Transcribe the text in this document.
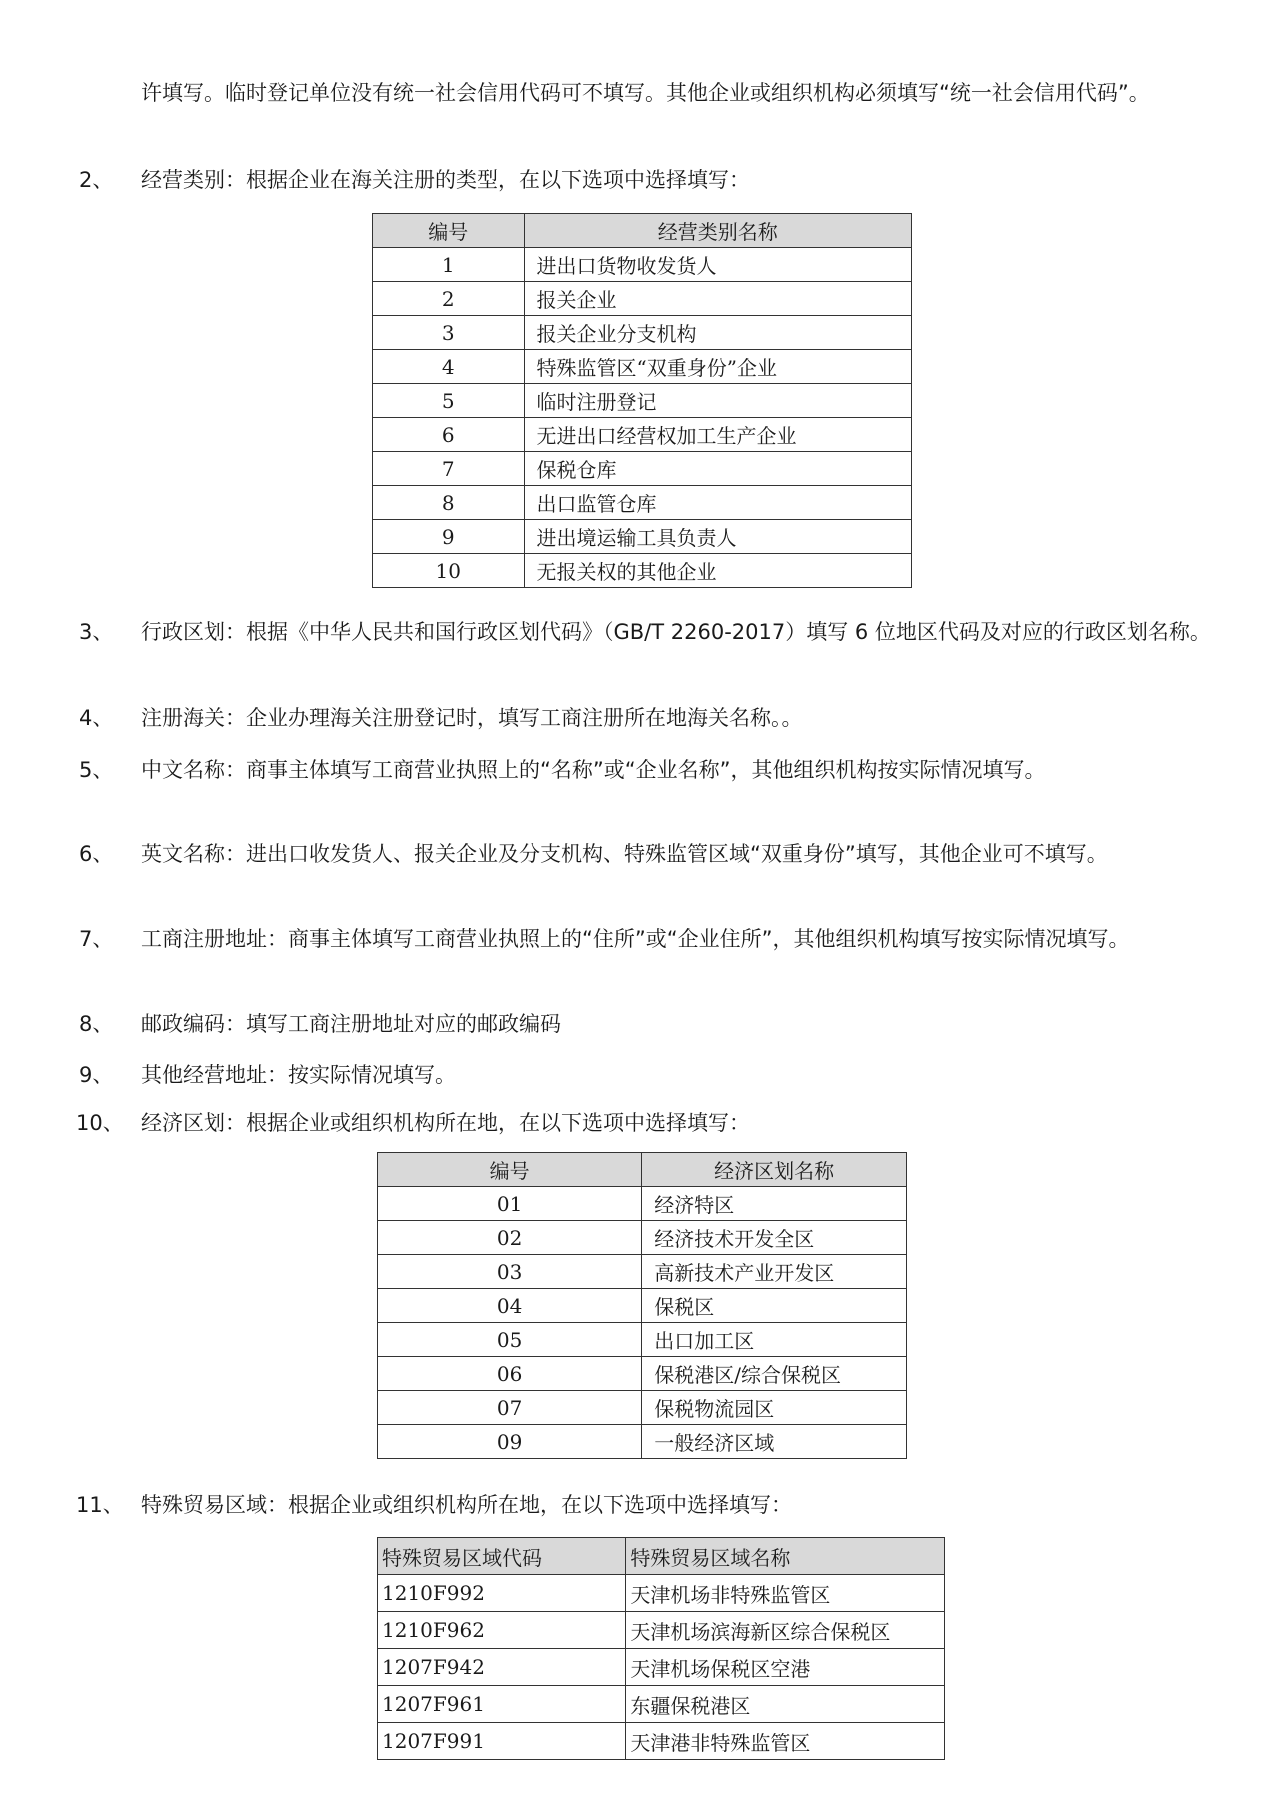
许填写。临时登记单位没有统一社会信用代码可不填写。其他企业或组织机构必须填写“统一社会信用代码”。

2、 经营类别：根据企业在海关注册的类型，在以下选项中选择填写：

编号	经营类别名称
1	进出口货物收发货人
2	报关企业
3	报关企业分支机构
4	特殊监管区“双重身份”企业
5	临时注册登记
6	无进出口经营权加工生产企业
7	保税仓库
8	出口监管仓库
9	进出境运输工具负责人
10	无报关权的其他企业
3、 行政区划：根据《中华人民共和国行政区划代码》（GB/T 2260-2017）填写 6 位地区代码及对应的行政区划名称。

4、 注册海关：企业办理海关注册登记时，填写工商注册所在地海关名称。。

5、 中文名称：商事主体填写工商营业执照上的“名称”或“企业名称”，其他组织机构按实际情况填写。

6、 英文名称：进出口收发货人、报关企业及分支机构、特殊监管区域“双重身份”填写，其他企业可不填写。

7、 工商注册地址：商事主体填写工商营业执照上的“住所”或“企业住所”，其他组织机构填写按实际情况填写。

8、 邮政编码：填写工商注册地址对应的邮政编码

9、 其他经营地址：按实际情况填写。

10、 经济区划：根据企业或组织机构所在地，在以下选项中选择填写：

编号	经济区划名称
01	经济特区
02	经济技术开发全区
03	高新技术产业开发区
04	保税区
05	出口加工区
06	保税港区/综合保税区
07	保税物流园区
09	一般经济区域
11、 特殊贸易区域：根据企业或组织机构所在地，在以下选项中选择填写：

特殊贸易区域代码	特殊贸易区域名称
1210F992	天津机场非特殊监管区
1210F962	天津机场滨海新区综合保税区
1207F942	天津机场保税区空港
1207F961	东疆保税港区
1207F991	天津港非特殊监管区
